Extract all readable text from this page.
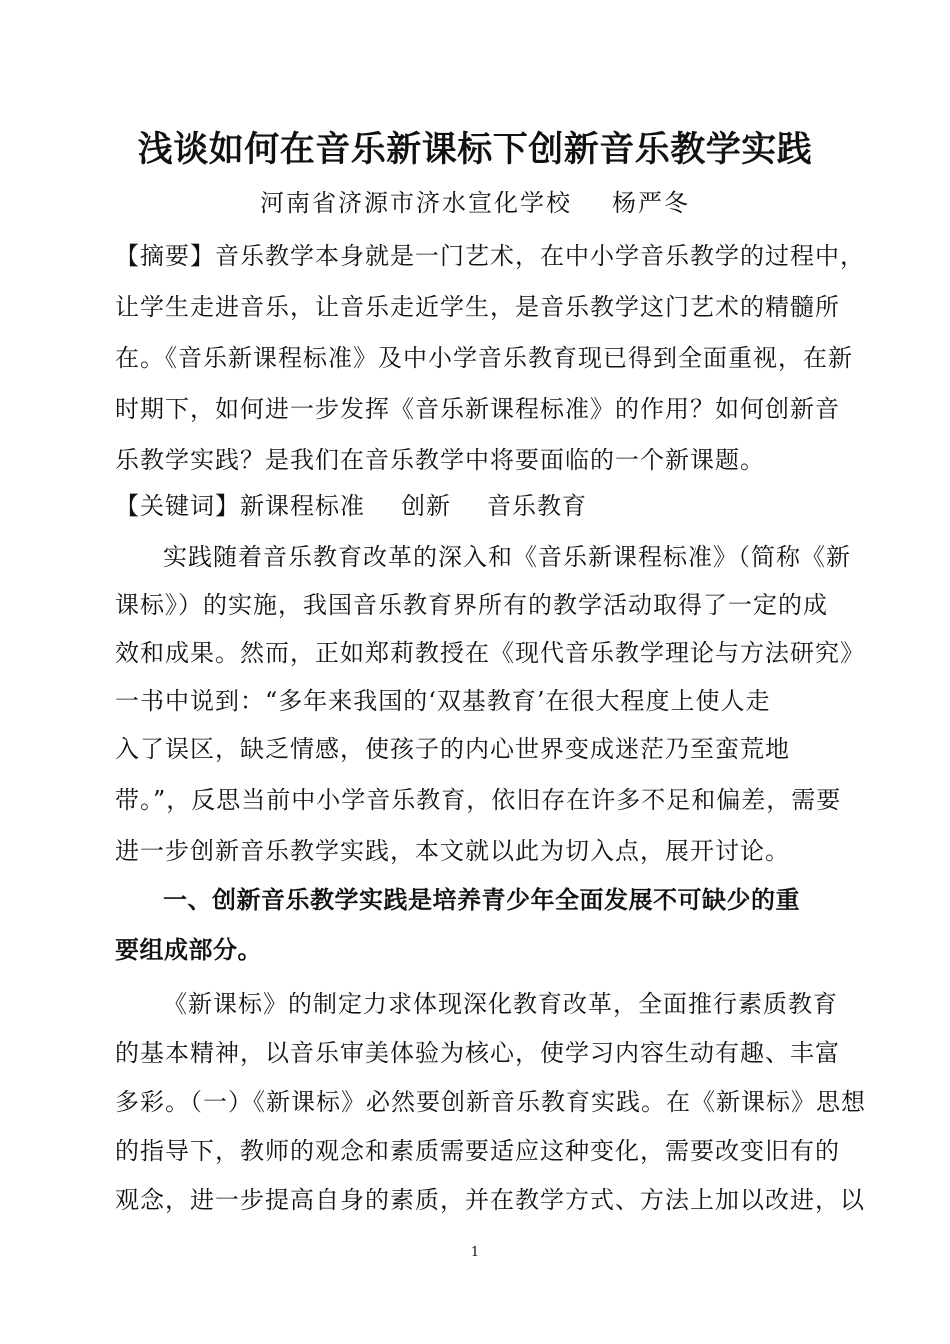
浅谈如何在音乐新课标下创新音乐教学实践
河南省济源市济水宣化学校 杨严冬
【摘要】音乐教学本身就是一门艺术，在中小学音乐教学的过程中，
让学生走进音乐，让音乐走近学生，是音乐教学这门艺术的精髓所
在。《音乐新课程标准》及中小学音乐教育现已得到全面重视，在新
时期下，如何进一步发挥《音乐新课程标准》的作用？如何创新音
乐教学实践？是我们在音乐教学中将要面临的一个新课题。
【关键词】新课程标准 创新 音乐教育
实践随着音乐教育改革的深入和《音乐新课程标准》（简称《新
课标》）的实施，我国音乐教育界所有的教学活动取得了一定的成
效和成果。然而，正如郑莉教授在《现代音乐教学理论与方法研究》
一书中说到：“多年来我国的‘双基教育’在很大程度上使人走
入了误区，缺乏情感，使孩子的内心世界变成迷茫乃至蛮荒地
带。”，反思当前中小学音乐教育，依旧存在许多不足和偏差，需要
进一步创新音乐教学实践，本文就以此为切入点，展开讨论。
一、创新音乐教学实践是培养青少年全面发展不可缺少的重
要组成部分。
《新课标》的制定力求体现深化教育改革，全面推行素质教育
的基本精神，以音乐审美体验为核心，使学习内容生动有趣、丰富
多彩。（一）《新课标》必然要创新音乐教育实践。在《新课标》思想
的指导下，教师的观念和素质需要适应这种变化，需要改变旧有的
观念，进一步提高自身的素质，并在教学方式、方法上加以改进，以
1
